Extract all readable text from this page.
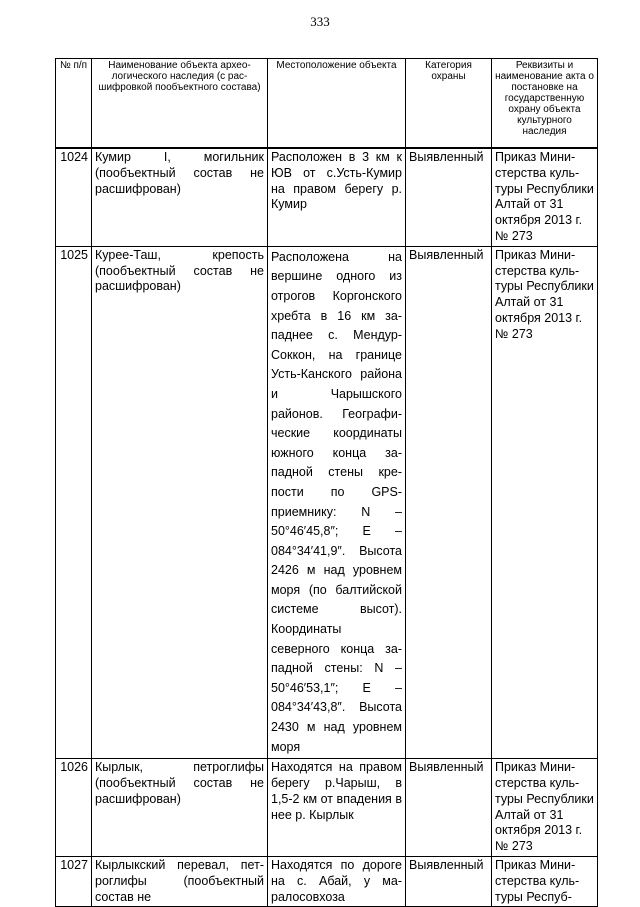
333
№ п/п	Наименование объекта археологического наследия (с расшифровкой пообъектного состава)	Местоположение объекта	Категория охраны	Реквизиты и наименование акта о постановке на государственную охрану объекта культурного наследия
1024	Кумир I, могильник (пообъектный состав не расшифрован)	Расположен в 3 км к ЮВ от с.Усть-Кумир на правом берегу р. Кумир	Выявленный	Приказ Министерства культуры Республики Алтай от 31 октября 2013 г. № 273
1025	Курее-Таш, крепость (пообъектный состав не расшифрован)	Расположена на вершине одного из отрогов Коргонского хребта в 16 км западнее с. Мендур-Соккон, на границе Усть-Канского района и Чарышского районов. Географические координаты южного конца западной стены крепости по GPS-приемнику: N – 50°46′45,8″; E – 084°34′41,9″. Высота 2426 м над уровнем моря (по балтийской системе высот). Координаты северного конца западной стены: N – 50°46′53,1″; E – 084°34′43,8″. Высота 2430 м над уровнем моря	Выявленный	Приказ Министерства культуры Республики Алтай от 31 октября 2013 г. № 273
1026	Кырлык, петроглифы (пообъектный состав не расшифрован)	Находятся на правом берегу р.Чарыш, в 1,5-2 км от впадения в нее р. Кырлык	Выявленный	Приказ Министерства культуры Республики Алтай от 31 октября 2013 г. № 273
1027	Кырлыкский перевал, петроглифы (пообъектный состав не	Находятся по дороге на с. Абай, у маралосовхоза	Выявленный	Приказ Министерства культуры Респуб-
